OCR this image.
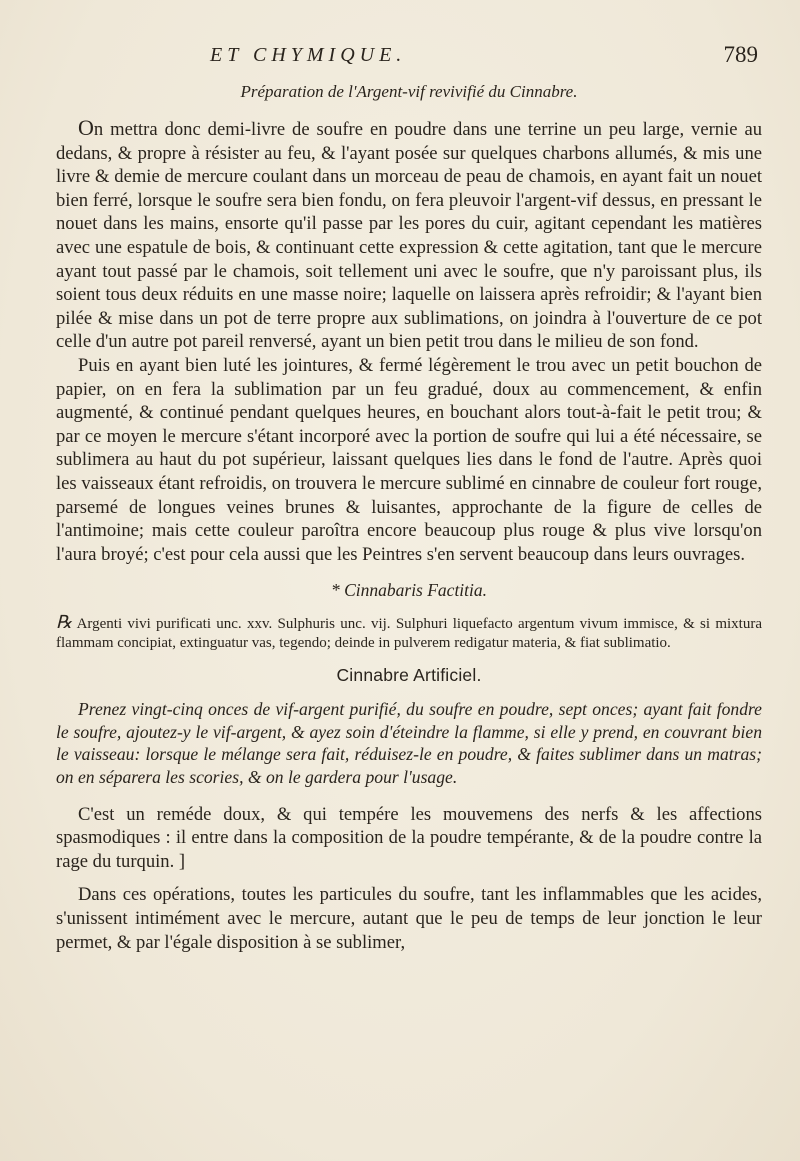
ET CHYMIQUE.	789
Préparation de l'Argent-vif revivifié du Cinnabre.

On mettra donc demi-livre de soufre en poudre dans une terrine un peu large, vernie au dedans, & propre à résister au feu, & l'ayant posée sur quelques charbons allumés, & mis une livre & demie de mercure coulant dans un morceau de peau de chamois, en ayant fait un nouet bien ferré, lorsque le soufre sera bien fondu, on fera pleuvoir l'argent-vif dessus, en pressant le nouet dans les mains, ensorte qu'il passe par les pores du cuir, agitant cependant les matières avec une espatule de bois, & continuant cette expression & cette agitation, tant que le mercure ayant tout passé par le chamois, soit tellement uni avec le soufre, que n'y paroissant plus, ils soient tous deux réduits en une masse noire; laquelle on laissera après refroidir; & l'ayant bien pilée & mise dans un pot de terre propre aux sublimations, on joindra à l'ouverture de ce pot celle d'un autre pot pareil renversé, ayant un bien petit trou dans le milieu de son fond.

Puis en ayant bien luté les jointures, & fermé légèrement le trou avec un petit bouchon de papier, on en fera la sublimation par un feu gradué, doux au commencement, & enfin augmenté, & continué pendant quelques heures, en bouchant alors tout-à-fait le petit trou; & par ce moyen le mercure s'étant incorporé avec la portion de soufre qui lui a été nécessaire, se sublimera au haut du pot supérieur, laissant quelques lies dans le fond de l'autre. Après quoi les vaisseaux étant refroidis, on trouvera le mercure sublimé en cinnabre de couleur fort rouge, parsemé de longues veines brunes & luisantes, approchante de la figure de celles de l'antimoine; mais cette couleur paroîtra encore beaucoup plus rouge & plus vive lorsqu'on l'aura broyé; c'est pour cela aussi que les Peintres s'en servent beaucoup dans leurs ouvrages.

* Cinnabaris Factitia.

℞ Argenti vivi purificati unc. xxv. Sulphuris unc. vij. Sulphuri liquefacto argentum vivum immisce, & si mixtura flammam concipiat, extinguatur vas, tegendo; deinde in pulverem redigatur materia, & fiat sublimatio.

Cinnabre Artificiel.

Prenez vingt-cinq onces de vif-argent purifié, du soufre en poudre, sept onces; ayant fait fondre le soufre, ajoutez-y le vif-argent, & ayez soin d'éteindre la flamme, si elle y prend, en couvrant bien le vaisseau: lorsque le mélange sera fait, réduisez-le en poudre, & faites sublimer dans un matras; on en séparera les scories, & on le gardera pour l'usage.

C'est un reméde doux, & qui tempére les mouvemens des nerfs & les affections spasmodiques : il entre dans la composition de la poudre tempérante, & de la poudre contre la rage du turquin. ]

Dans ces opérations, toutes les particules du soufre, tant les inflammables que les acides, s'unissent intimément avec le mercure, autant que le peu de temps de leur jonction le leur permet, & par l'égale disposition à se sublimer,
